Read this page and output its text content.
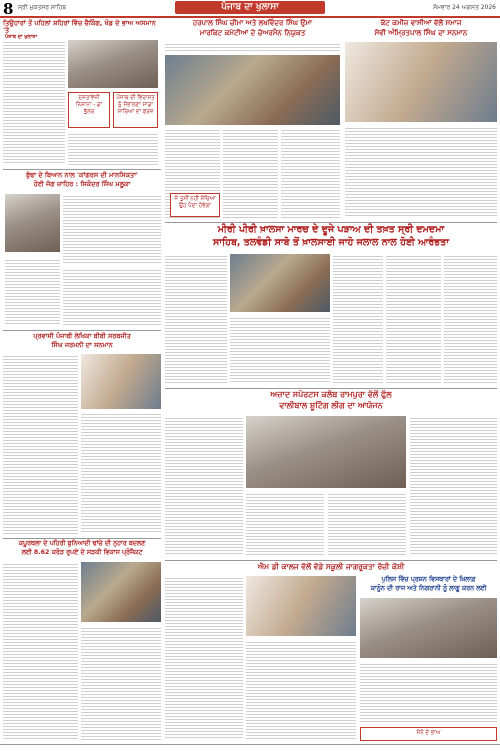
8 ਸ੍ਰੀ ਮੁਕਤਸਰ ਸਾਹਿਬ	ਪੰਜਾਬ ਦਾ ਖੁਲਾਸਾ	ਸੋਮਵਾਰ 24 ਅਗਸਤ 2026
ਤਿਉਹਾਰਾਂ ਤੋਂ ਪਹਿਲਾਂ ਸ਼ਹਿਰਾਂ ਵਿੱਚ ਚੈਕਿੰਗ, ਖੰਡ ਦੇ ਭਾਅ ਅਸਮਾਨ 'ਤੇ
ਪੰਜਾਬ ਦਾ ਖੁਲਾਸਾ
ਦਸਤਾਵੇਜ਼ੀ ਨਿਸ਼ਾਨਾ - ਡਾ ਭੁੱਲਰ
ਪੰਜਾਬ ਦੀ ਵਿਰਾਸਤ ਨੂੰ ਸੰਭਾਲਣਾ ਸਾਡਾ ਸਾਰਿਆਂ ਦਾ ਫਰਜ਼
ਹਰਪਾਲ ਸਿੰਘ ਚੀਮਾ ਅਤੇ ਲਖਵਿੰਦਰ ਸਿੰਘ ਉਮਾ
ਮਾਰਕਿਟ ਕਮੇਟੀਆਂ ਦੇ ਚੇਅਰਮੈਨ ਨਿਯੁਕਤ
ਜੋ ਤੁਸੀਂ ਨਹੀਂ ਸੋਚਿਆ ਉਹ ਪੈਦਾ ਹੋਵੇਗਾ
ਕੱਟ ਕਮੀਜ਼ ਵਾਸੀਆਂ ਵੱਲੋਂ ਸਮਾਜ
ਸੇਵੀ ਅੰਮ੍ਰਿਤਪਾਲ ਸਿੰਘ ਦਾ ਸਨਮਾਨ
ਬੁੱਢਾ ਦੇ ਬਿਆਨ ਨਾਲ 'ਕਾਂਗਰਸ ਦੀ ਮਾਨਸਿਕਤਾ'
ਹੋਈ ਜੱਗ ਜ਼ਾਹਿਰ : ਸਿਕੰਦਰ ਸਿੰਘ ਮਲੂਕਾ
ਮੀਰੀ ਪੀਰੀ ਖ਼ਾਲਸਾ ਮਾਰਚ ਦੇ ਦੂਜੇ ਪੜਾਅ ਦੀ ਤਖ਼ਤ ਸ੍ਰੀ ਦਮਦਮਾ
ਸਾਹਿਬ, ਤਲਵੰਡੀ ਸਾਬੋ ਤੋਂ ਖ਼ਾਲਸਾਈ ਜਾਹੋ ਜਲਾਲ ਨਾਲ ਹੋਈ ਆਰੰਭਤਾ
ਪ੍ਰਵਾਸੀ ਪੰਜਾਬੀ ਲੇਖਿਕਾ ਬੀਬੀ ਸਰਬਜੀਤ
ਸਿੰਘ ਜਰਮਨੀ ਦਾ ਸਨਮਾਨ
ਅਜ਼ਾਦ ਸਪੋਰਟਸ ਕਲੱਬ ਰਾਮਪੁਰਾ ਵੱਲੋਂ ਫੁੱਲ
ਵਾਲੀਬਾਲ ਸ਼ੂਟਿੰਗ ਲੀਗ ਦਾ ਆਯੋਜਨ
ਕਪੂਰਥਲਾ ਦੇ ਪਹਿਰੀ ਬੁਨਿਆਦੀ ਢਾਂਚੇ ਦੀ ਨੁਹਾਰ ਬਦਲਣ
ਲਈ 8.62 ਕਰੋੜ ਰੁਪਏ ਦੇ ਸੜਕੀ ਵਿਕਾਸ ਪ੍ਰੋਜੈਕਟ
ਐਮ ਡੀ ਕਾਲਜ ਵੱਲੋਂ ਵੱਡੇ ਸਕੂਲੀ ਜਾਗਰੂਕਤਾ ਰੋਜ਼ੀ ਕੋਸ਼ੀ
ਪੁਲਿਸ ਵਿੱਚ ਪ੍ਰਸ਼ਨ ਵਿਸਥਾਰਾਂ ਦੇ ਖ਼ਿਲਾਫ਼
ਕਾਨੂੰਨ ਦੀ ਰਾਜ ਅਤੇ ਨਿਗਰਾਨੀ ਨੂੰ ਲਾਗੂ ਕਰਨ ਲਈ
ਸੋਨੇ ਦੇ ਭਾਅ
